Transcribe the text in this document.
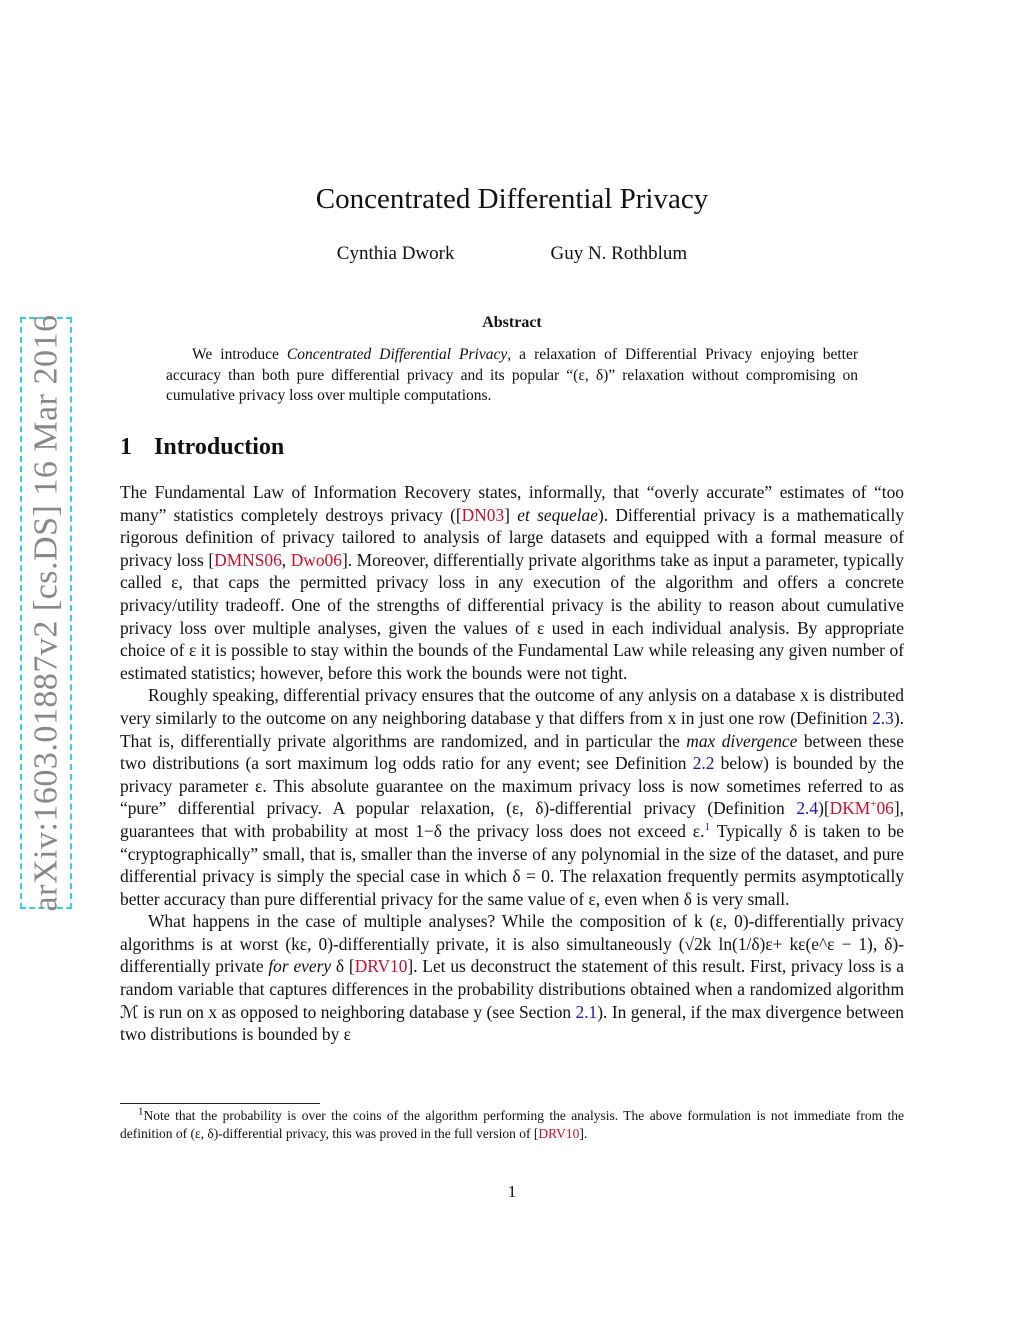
arXiv:1603.01887v2 [cs.DS] 16 Mar 2016
Concentrated Differential Privacy
Cynthia Dwork	Guy N. Rothblum
Abstract
We introduce Concentrated Differential Privacy, a relaxation of Differential Privacy enjoying better accuracy than both pure differential privacy and its popular “(ε, δ)” relaxation without compromising on cumulative privacy loss over multiple computations.
1 Introduction

The Fundamental Law of Information Recovery states, informally, that “overly accurate” estimates of “too many” statistics completely destroys privacy ([DN03] et sequelae). Differential privacy is a mathematically rigorous definition of privacy tailored to analysis of large datasets and equipped with a formal measure of privacy loss [DMNS06, Dwo06]. Moreover, differentially private algorithms take as input a parameter, typically called ε, that caps the permitted privacy loss in any execution of the algorithm and offers a concrete privacy/utility tradeoff. One of the strengths of differential privacy is the ability to reason about cumulative privacy loss over multiple analyses, given the values of ε used in each individual analysis. By appropriate choice of ε it is possible to stay within the bounds of the Fundamental Law while releasing any given number of estimated statistics; however, before this work the bounds were not tight.

Roughly speaking, differential privacy ensures that the outcome of any anlysis on a database x is distributed very similarly to the outcome on any neighboring database y that differs from x in just one row (Definition 2.3). That is, differentially private algorithms are randomized, and in particular the max divergence between these two distributions (a sort maximum log odds ratio for any event; see Definition 2.2 below) is bounded by the privacy parameter ε. This absolute guarantee on the maximum privacy loss is now sometimes referred to as “pure” differential privacy. A popular relaxation, (ε, δ)-differential privacy (Definition 2.4)[DKM+06], guarantees that with probability at most 1−δ the privacy loss does not exceed ε.$^1$ Typically δ is taken to be “cryptographically” small, that is, smaller than the inverse of any polynomial in the size of the dataset, and pure differential privacy is simply the special case in which δ = 0. The relaxation frequently permits asymptotically better accuracy than pure differential privacy for the same value of ε, even when δ is very small.

What happens in the case of multiple analyses? While the composition of k (ε, 0)-differentially privacy algorithms is at worst (kε, 0)-differentially private, it is also simultaneously (√2k ln(1/δ)ε+ kε(e^ε − 1), δ)-differentially private for every δ [DRV10]. Let us deconstruct the statement of this result. First, privacy loss is a random variable that captures differences in the probability distributions obtained when a randomized algorithm ℳ is run on x as opposed to neighboring database y (see Section 2.1). In general, if the max divergence between two distributions is bounded by ε

$^1$Note that the probability is over the coins of the algorithm performing the analysis. The above formulation is not immediate from the definition of (ε, δ)-differential privacy, this was proved in the full version of [DRV10].

1
